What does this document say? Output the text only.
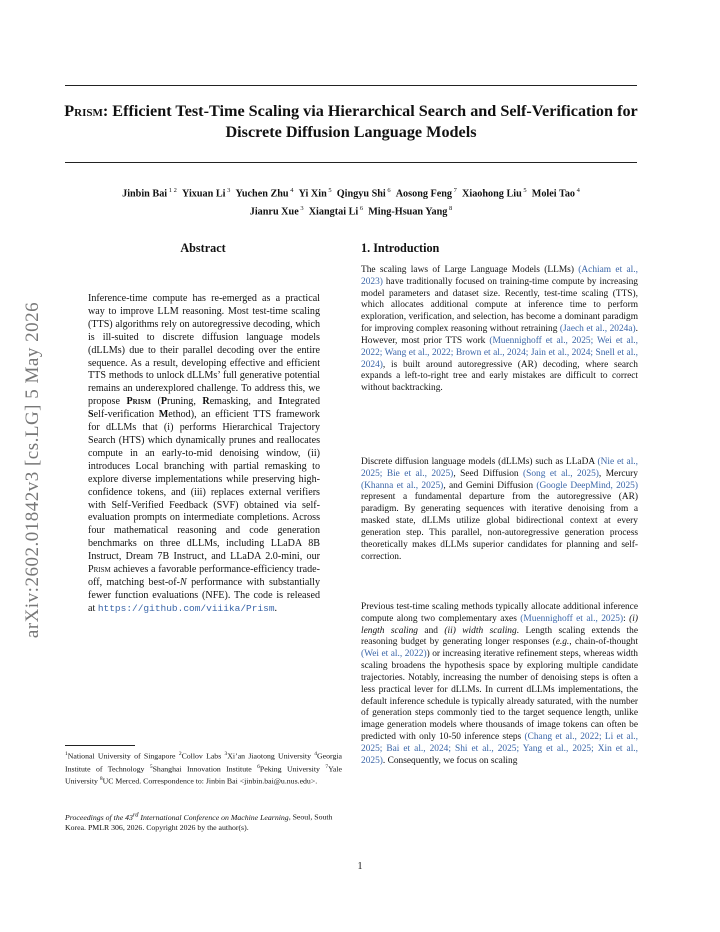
Prism: Efficient Test-Time Scaling via Hierarchical Search and Self-Verification for Discrete Diffusion Language Models
Jinbin Bai $^{1 2}$ Yixuan Li $^3$ Yuchen Zhu $^4$ Yi Xin $^5$ Qingyu Shi $^6$ Aosong Feng $^7$ Xiaohong Liu $^5$ Molei Tao $^4$
Jianru Xue $^3$ Xiangtai Li $^6$ Ming-Hsuan Yang $^8$
arXiv:2602.01842v3 [cs.LG] 5 May 2026
Abstract
Inference-time compute has re-emerged as a practical way to improve LLM reasoning. Most test-time scaling (TTS) algorithms rely on autoregressive decoding, which is ill-suited to discrete diffusion language models (dLLMs) due to their parallel decoding over the entire sequence. As a result, developing effective and efficient TTS methods to unlock dLLMs’ full generative potential remains an underexplored challenge. To address this, we propose Prism (Pruning, Remasking, and Integrated Self-verification Method), an efficient TTS framework for dLLMs that (i) performs Hierarchical Trajectory Search (HTS) which dynamically prunes and reallocates compute in an early-to-mid denoising window, (ii) introduces Local branching with partial remasking to explore diverse implementations while preserving high-confidence tokens, and (iii) replaces external verifiers with Self-Verified Feedback (SVF) obtained via self-evaluation prompts on intermediate completions. Across four mathematical reasoning and code generation benchmarks on three dLLMs, including LLaDA 8B Instruct, Dream 7B Instruct, and LLaDA 2.0-mini, our Prism achieves a favorable performance-efficiency trade-off, matching best-of-N performance with substantially fewer function evaluations (NFE). The code is released at https://github.com/viiika/Prism.
$^1$National University of Singapore $^2$Collov Labs $^3$Xi’an Jiaotong University $^4$Georgia Institute of Technology $^5$Shanghai Innovation Institute $^6$Peking University $^7$Yale University $^8$UC Merced. Correspondence to: Jinbin Bai <jinbin.bai@u.nus.edu>.
Proceedings of the 43rd International Conference on Machine Learning, Seoul, South Korea. PMLR 306, 2026. Copyright 2026 by the author(s).
1. Introduction
The scaling laws of Large Language Models (LLMs) (Achiam et al., 2023) have traditionally focused on training-time compute by increasing model parameters and dataset size. Recently, test-time scaling (TTS), which allocates additional compute at inference time to perform exploration, verification, and selection, has become a dominant paradigm for improving complex reasoning without retraining (Jaech et al., 2024a). However, most prior TTS work (Muennighoff et al., 2025; Wei et al., 2022; Wang et al., 2022; Brown et al., 2024; Jain et al., 2024; Snell et al., 2024), is built around autoregressive (AR) decoding, where search expands a left-to-right tree and early mistakes are difficult to correct without backtracking.
Discrete diffusion language models (dLLMs) such as LLaDA (Nie et al., 2025; Bie et al., 2025), Seed Diffusion (Song et al., 2025), Mercury (Khanna et al., 2025), and Gemini Diffusion (Google DeepMind, 2025) represent a fundamental departure from the autoregressive (AR) paradigm. By generating sequences with iterative denoising from a masked state, dLLMs utilize global bidirectional context at every generation step. This parallel, non-autoregressive generation process theoretically makes dLLMs superior candidates for planning and self-correction.
Previous test-time scaling methods typically allocate additional inference compute along two complementary axes (Muennighoff et al., 2025): (i) length scaling and (ii) width scaling. Length scaling extends the reasoning budget by generating longer responses (e.g., chain-of-thought (Wei et al., 2022)) or increasing iterative refinement steps, whereas width scaling broadens the hypothesis space by exploring multiple candidate trajectories. Notably, increasing the number of denoising steps is often a less practical lever for dLLMs. In current dLLMs implementations, the default inference schedule is typically already saturated, with the number of generation steps commonly tied to the target sequence length, unlike image generation models where thousands of image tokens can often be predicted with only 10-50 inference steps (Chang et al., 2022; Li et al., 2025; Bai et al., 2024; Shi et al., 2025; Yang et al., 2025; Xin et al., 2025). Consequently, we focus on scaling
1
